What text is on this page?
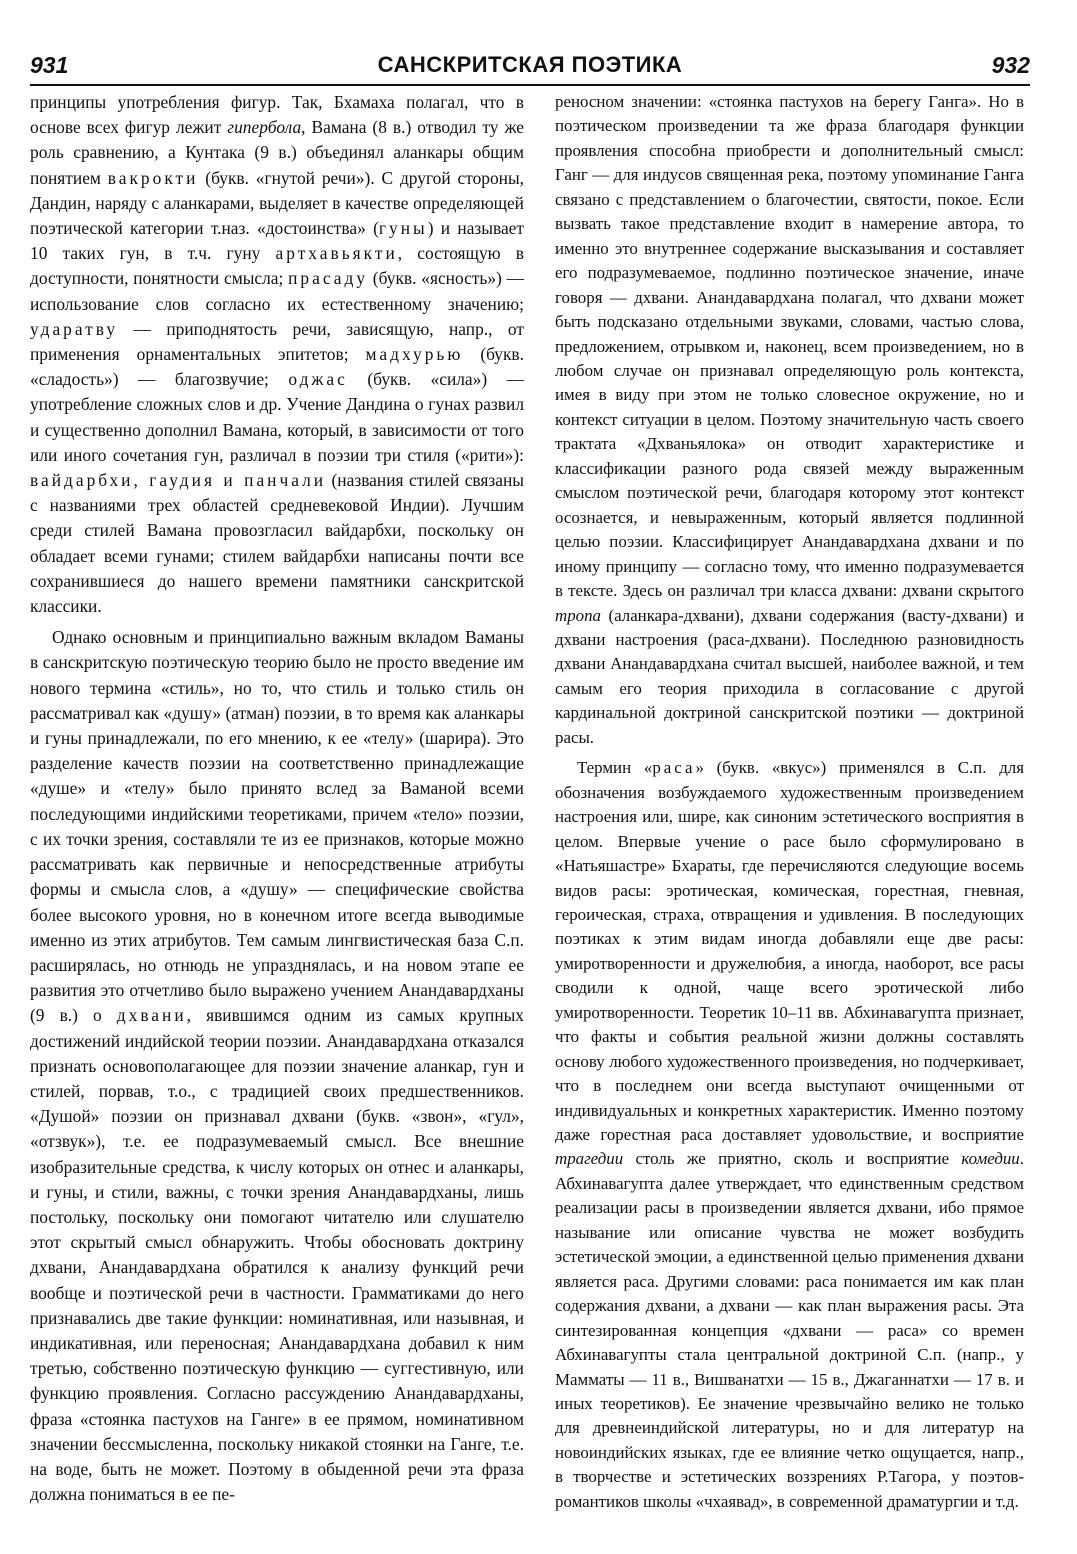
931	САНСКРИТСКАЯ ПОЭТИКА	932

принципы употребления фигур. Так, Бхамаха полагал, что в основе всех фигур лежит гипербола, Вамана (8 в.) отводил ту же роль сравнению, а Кунтака (9 в.) объединял аланкары общим понятием вакрокти (букв. «гнутой речи»). С другой стороны, Дандин, наряду с аланкарами, выделяет в качестве определяющей поэтической категории т.наз. «достоинства» (гуны) и называет 10 таких гун, в т.ч. гуну артхавьякти, состоящую в доступности, понятности смысла; прасаду (букв. «ясность») — использование слов согласно их естественному значению; ударатву — приподнятость речи, зависящую, напр., от применения орнаментальных эпитетов; мадхурью (букв. «сладость») — благозвучие; оджас (букв. «сила») — употребление сложных слов и др. Учение Дандина о гунах развил и существенно дополнил Вамана, который, в зависимости от того или иного сочетания гун, различал в поэзии три стиля («рити»): вайдарбхи, гаудия и панчали (названия стилей связаны с названиями трех областей средневековой Индии). Лучшим среди стилей Вамана провозгласил вайдарбхи, поскольку он обладает всеми гунами; стилем вайдарбхи написаны почти все сохранившиеся до нашего времени памятники санскритской классики.

Однако основным и принципиально важным вкладом Ваманы в санскритскую поэтическую теорию было не просто введение им нового термина «стиль», но то, что стиль и только стиль он рассматривал как «душу» (атман) поэзии, в то время как аланкары и гуны принадлежали, по его мнению, к ее «телу» (шарира). Это разделение качеств поэзии на соответственно принадлежащие «душе» и «телу» было принято вслед за Ваманой всеми последующими индийскими теоретиками, причем «тело» поэзии, с их точки зрения, составляли те из ее признаков, которые можно рассматривать как первичные и непосредственные атрибуты формы и смысла слов, а «душу» — специфические свойства более высокого уровня, но в конечном итоге всегда выводимые именно из этих атрибутов. Тем самым лингвистическая база С.п. расширялась, но отнюдь не упразднялась, и на новом этапе ее развития это отчетливо было выражено учением Анандавардханы (9 в.) о дхвани, явившимся одним из самых крупных достижений индийской теории поэзии. Анандавардхана отказался признать основополагающее для поэзии значение аланкар, гун и стилей, порвав, т.о., с традицией своих предшественников. «Душой» поэзии он признавал дхвани (букв. «звон», «гул», «отзвук»), т.е. ее подразумеваемый смысл. Все внешние изобразительные средства, к числу которых он отнес и аланкары, и гуны, и стили, важны, с точки зрения Анандавардханы, лишь постольку, поскольку они помогают читателю или слушателю этот скрытый смысл обнаружить. Чтобы обосновать доктрину дхвани, Анандавардхана обратился к анализу функций речи вообще и поэтической речи в частности. Грамматиками до него признавались две такие функции: номинативная, или назывная, и индикативная, или переносная; Анандавардхана добавил к ним третью, собственно поэтическую функцию — суггестивную, или функцию проявления. Согласно рассуждению Анандавардханы, фраза «стоянка пастухов на Ганге» в ее прямом, номинативном значении бессмысленна, поскольку никакой стоянки на Ганге, т.е. на воде, быть не может. Поэтому в обыденной речи эта фраза должна пониматься в ее пе-

реносном значении: «стоянка пастухов на берегу Ганга». Но в поэтическом произведении та же фраза благодаря функции проявления способна приобрести и дополнительный смысл: Ганг — для индусов священная река, поэтому упоминание Ганга связано с представлением о благочестии, святости, покое. Если вызвать такое представление входит в намерение автора, то именно это внутреннее содержание высказывания и составляет его подразумеваемое, подлинно поэтическое значение, иначе говоря — дхвани. Анандавардхана полагал, что дхвани может быть подсказано отдельными звуками, словами, частью слова, предложением, отрывком и, наконец, всем произведением, но в любом случае он признавал определяющую роль контекста, имея в виду при этом не только словесное окружение, но и контекст ситуации в целом. Поэтому значительную часть своего трактата «Дхваньялока» он отводит характеристике и классификации разного рода связей между выраженным смыслом поэтической речи, благодаря которому этот контекст осознается, и невыраженным, который является подлинной целью поэзии. Классифицирует Анандавардхана дхвани и по иному принципу — согласно тому, что именно подразумевается в тексте. Здесь он различал три класса дхвани: дхвани скрытого тропа (аланкара-дхвани), дхвани содержания (васту-дхвани) и дхвани настроения (раса-дхвани). Последнюю разновидность дхвани Анандавардхана считал высшей, наиболее важной, и тем самым его теория приходила в согласование с другой кардинальной доктриной санскритской поэтики — доктриной расы.

Термин «раса» (букв. «вкус») применялся в С.п. для обозначения возбуждаемого художественным произведением настроения или, шире, как синоним эстетического восприятия в целом. Впервые учение о расе было сформулировано в «Натьяшастре» Бхараты, где перечисляются следующие восемь видов расы: эротическая, комическая, горестная, гневная, героическая, страха, отвращения и удивления. В последующих поэтиках к этим видам иногда добавляли еще две расы: умиротворенности и дружелюбия, а иногда, наоборот, все расы сводили к одной, чаще всего эротической либо умиротворенности. Теоретик 10–11 вв. Абхинавагупта признает, что факты и события реальной жизни должны составлять основу любого художественного произведения, но подчеркивает, что в последнем они всегда выступают очищенными от индивидуальных и конкретных характеристик. Именно поэтому даже горестная раса доставляет удовольствие, и восприятие трагедии столь же приятно, сколь и восприятие комедии. Абхинавагупта далее утверждает, что единственным средством реализации расы в произведении является дхвани, ибо прямое называние или описание чувства не может возбудить эстетической эмоции, а единственной целью применения дхвани является раса. Другими словами: раса понимается им как план содержания дхвани, а дхвани — как план выражения расы. Эта синтезированная концепция «дхвани — раса» со времен Абхинавагупты стала центральной доктриной С.п. (напр., у Мамматы — 11 в., Вишванатхи — 15 в., Джаганнатхи — 17 в. и иных теоретиков). Ее значение чрезвычайно велико не только для древнеиндийской литературы, но и для литератур на новоиндийских языках, где ее влияние четко ощущается, напр., в творчестве и эстетических воззрениях Р.Тагора, у поэтов-романтиков школы «чхаявад», в современной драматургии и т.д.
